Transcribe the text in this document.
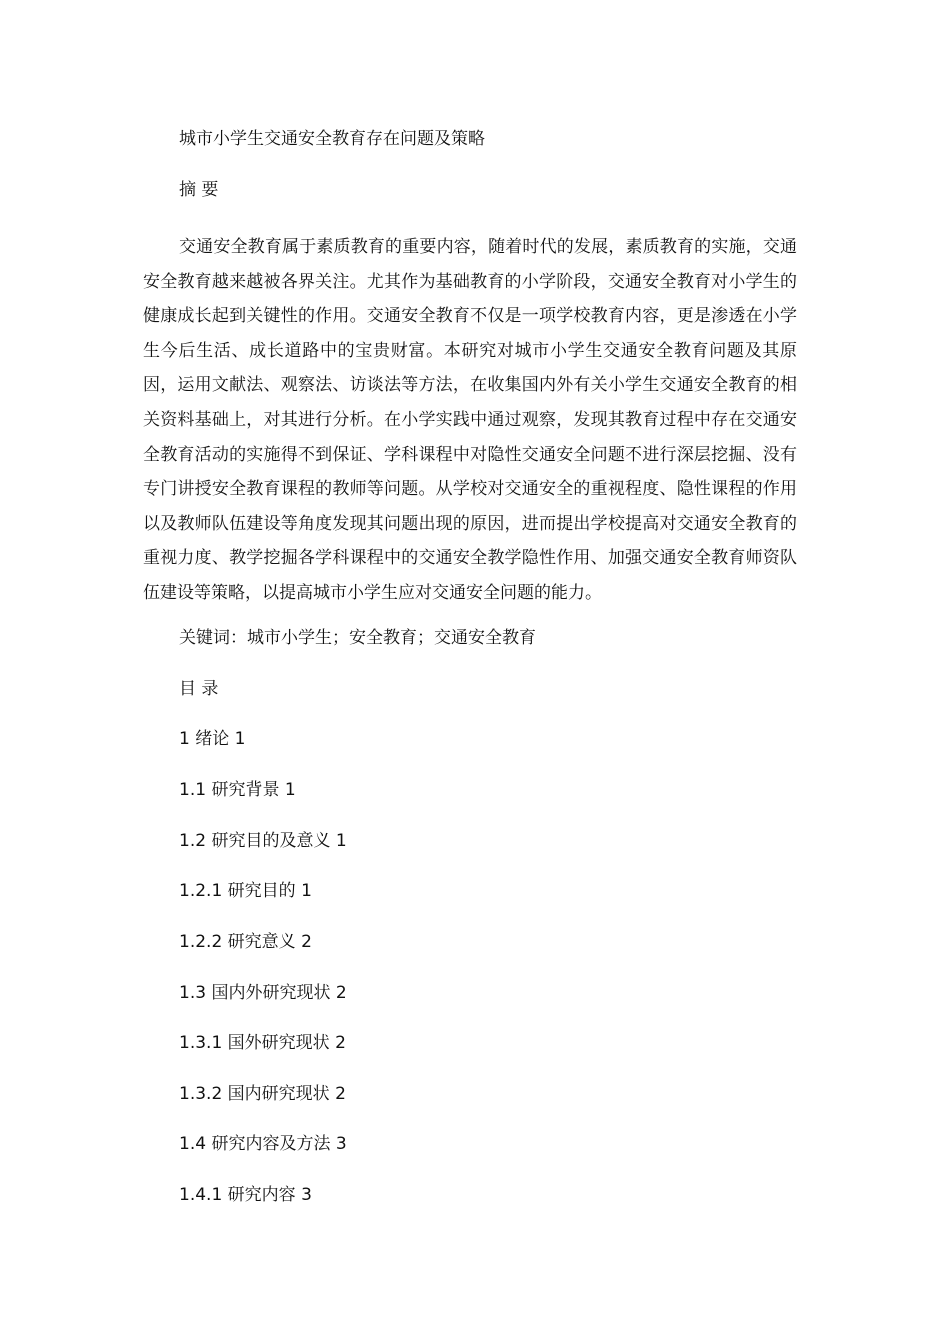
城市小学生交通安全教育存在问题及策略
摘 要

交通安全教育属于素质教育的重要内容，随着时代的发展，素质教育的实施，交通安全教育越来越被各界关注。尤其作为基础教育的小学阶段，交通安全教育对小学生的健康成长起到关键性的作用。交通安全教育不仅是一项学校教育内容，更是渗透在小学生今后生活、成长道路中的宝贵财富。本研究对城市小学生交通安全教育问题及其原因，运用文献法、观察法、访谈法等方法，在收集国内外有关小学生交通安全教育的相关资料基础上，对其进行分析。在小学实践中通过观察，发现其教育过程中存在交通安全教育活动的实施得不到保证、学科课程中对隐性交通安全问题不进行深层挖掘、没有专门讲授安全教育课程的教师等问题。从学校对交通安全的重视程度、隐性课程的作用以及教师队伍建设等角度发现其问题出现的原因，进而提出学校提高对交通安全教育的重视力度、教学挖掘各学科课程中的交通安全教学隐性作用、加强交通安全教育师资队伍建设等策略，以提高城市小学生应对交通安全问题的能力。

关键词：城市小学生；安全教育；交通安全教育
目 录
1 绪论 1
1.1 研究背景 1
1.2 研究目的及意义 1
1.2.1 研究目的 1
1.2.2 研究意义 2
1.3 国内外研究现状 2
1.3.1 国外研究现状 2
1.3.2 国内研究现状 2
1.4 研究内容及方法 3
1.4.1 研究内容 3
